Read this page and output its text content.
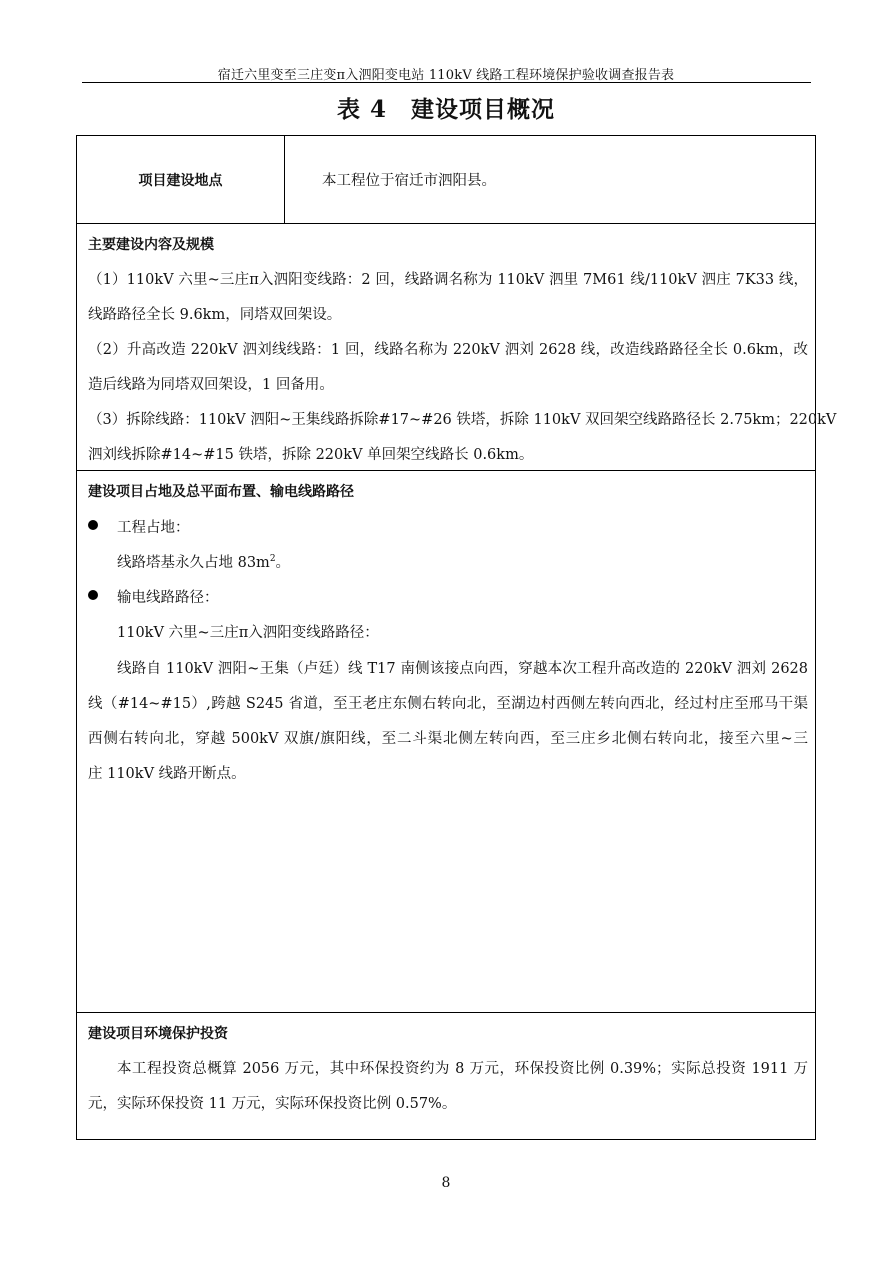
宿迁六里变至三庄变π入泗阳变电站 110kV 线路工程环境保护验收调查报告表
表 4　建设项目概况
项目建设地点	本工程位于宿迁市泗阳县。
主要建设内容及规模
（1）110kV 六里~三庄π入泗阳变线路：2 回，线路调名称为 110kV 泗里 7M61 线/110kV 泗庄 7K33 线，
线路路径全长 9.6km，同塔双回架设。
（2）升高改造 220kV 泗刘线线路：1 回，线路名称为 220kV 泗刘 2628 线，改造线路路径全长 0.6km，改
造后线路为同塔双回架设，1 回备用。
（3）拆除线路：110kV 泗阳~王集线路拆除#17~#26 铁塔，拆除 110kV 双回架空线路路径长 2.75km；220kV
泗刘线拆除#14~#15 铁塔，拆除 220kV 单回架空线路长 0.6km。
建设项目占地及总平面布置、输电线路路径
工程占地：
线路塔基永久占地 $83m^2$。
输电线路路径：
110kV 六里~三庄π入泗阳变线路路径：
线路自 110kV 泗阳~王集（卢廷）线 T17 南侧该接点向西，穿越本次工程升高改造的 220kV 泗刘 2628
线（#14~#15）,跨越 S245 省道，至王老庄东侧右转向北，至湖边村西侧左转向西北，经过村庄至邢马干渠
西侧右转向北，穿越 500kV 双旗/旗阳线，至二斗渠北侧左转向西，至三庄乡北侧右转向北，接至六里~三
庄 110kV 线路开断点。
建设项目环境保护投资
本工程投资总概算 2056 万元，其中环保投资约为 8 万元，环保投资比例 0.39%；实际总投资 1911 万
元，实际环保投资 11 万元，实际环保投资比例 0.57%。
8
